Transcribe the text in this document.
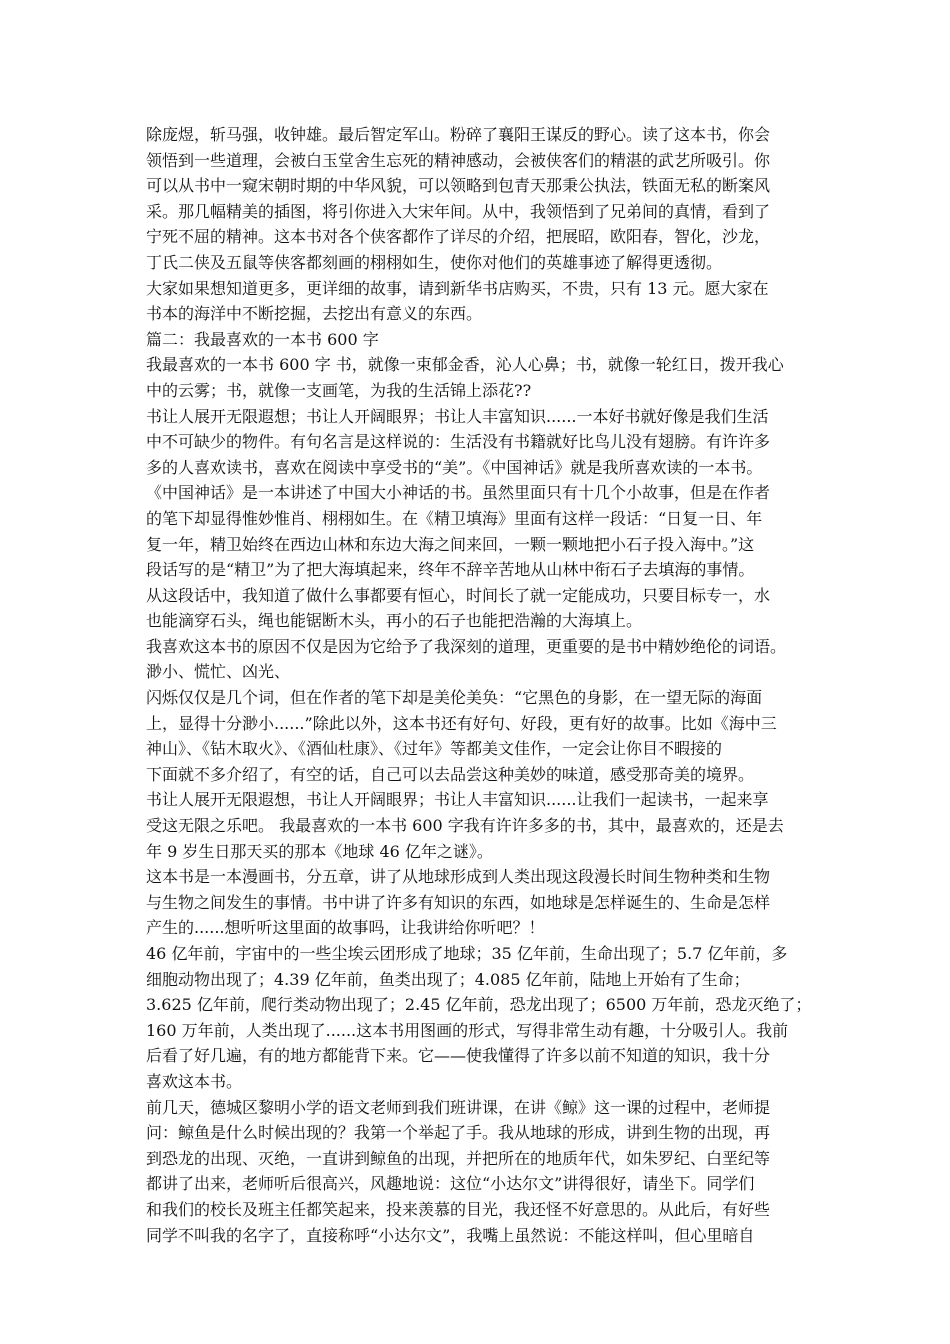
除庞煜，斩马强，收钟雄。最后智定军山。粉碎了襄阳王谋反的野心。读了这本书，你会
领悟到一些道理，会被白玉堂舍生忘死的精神感动，会被侠客们的精湛的武艺所吸引。你
可以从书中一窥宋朝时期的中华风貌，可以领略到包青天那秉公执法，铁面无私的断案风
采。那几幅精美的插图，将引你进入大宋年间。从中，我领悟到了兄弟间的真情，看到了
宁死不屈的精神。这本书对各个侠客都作了详尽的介绍，把展昭，欧阳春，智化，沙龙，
丁氏二侠及五鼠等侠客都刻画的栩栩如生，使你对他们的英雄事迹了解得更透彻。
大家如果想知道更多，更详细的故事，请到新华书店购买，不贵，只有 13 元。愿大家在
书本的海洋中不断挖掘，去挖出有意义的东西。
篇二：我最喜欢的一本书 600 字
我最喜欢的一本书 600 字 书，就像一束郁金香，沁人心鼻；书，就像一轮红日，拨开我心
中的云雾；书，就像一支画笔，为我的生活锦上添花??
书让人展开无限遐想；书让人开阔眼界；书让人丰富知识......一本好书就好像是我们生活
中不可缺少的物件。有句名言是这样说的：生活没有书籍就好比鸟儿没有翅膀。有许许多
多的人喜欢读书，喜欢在阅读中享受书的“美”。《中国神话》就是我所喜欢读的一本书。
《中国神话》是一本讲述了中国大小神话的书。虽然里面只有十几个小故事，但是在作者
的笔下却显得惟妙惟肖、栩栩如生。在《精卫填海》里面有这样一段话：“日复一日、年
复一年，精卫始终在西边山林和东边大海之间来回，一颗一颗地把小石子投入海中。”这
段话写的是“精卫”为了把大海填起来，终年不辞辛苦地从山林中衔石子去填海的事情。
从这段话中，我知道了做什么事都要有恒心，时间长了就一定能成功，只要目标专一，水
也能滴穿石头，绳也能锯断木头，再小的石子也能把浩瀚的大海填上。
我喜欢这本书的原因不仅是因为它给予了我深刻的道理，更重要的是书中精妙绝伦的词语。
渺小、慌忙、凶光、
闪烁仅仅是几个词，但在作者的笔下却是美伦美奂：“它黑色的身影，在一望无际的海面
上，显得十分渺小......”除此以外，这本书还有好句、好段，更有好的故事。比如《海中三
神山》、《钻木取火》、《酒仙杜康》、《过年》等都美文佳作，一定会让你目不暇接的
下面就不多介绍了，有空的话，自己可以去品尝这种美妙的味道，感受那奇美的境界。
书让人展开无限遐想，书让人开阔眼界；书让人丰富知识......让我们一起读书，一起来享
受这无限之乐吧。 我最喜欢的一本书 600 字我有许许多多的书，其中，最喜欢的，还是去
年 9 岁生日那天买的那本《地球 46 亿年之谜》。
这本书是一本漫画书，分五章，讲了从地球形成到人类出现这段漫长时间生物种类和生物
与生物之间发生的事情。书中讲了许多有知识的东西，如地球是怎样诞生的、生命是怎样
产生的......想听听这里面的故事吗，让我讲给你听吧？！
46 亿年前，宇宙中的一些尘埃云团形成了地球；35 亿年前，生命出现了；5.7 亿年前，多
细胞动物出现了；4.39 亿年前，鱼类出现了；4.085 亿年前，陆地上开始有了生命；
3.625 亿年前，爬行类动物出现了；2.45 亿年前，恐龙出现了；6500 万年前，恐龙灭绝了；
160 万年前，人类出现了......这本书用图画的形式，写得非常生动有趣，十分吸引人。我前
后看了好几遍，有的地方都能背下来。它——使我懂得了许多以前不知道的知识，我十分
喜欢这本书。
前几天，德城区黎明小学的语文老师到我们班讲课，在讲《鲸》这一课的过程中，老师提
问：鲸鱼是什么时候出现的？我第一个举起了手。我从地球的形成，讲到生物的出现，再
到恐龙的出现、灭绝，一直讲到鲸鱼的出现，并把所在的地质年代，如朱罗纪、白垩纪等
都讲了出来，老师听后很高兴，风趣地说：这位“小达尔文”讲得很好，请坐下。同学们
和我们的校长及班主任都笑起来，投来羡慕的目光，我还怪不好意思的。从此后，有好些
同学不叫我的名字了，直接称呼“小达尔文”，我嘴上虽然说：不能这样叫，但心里暗自
